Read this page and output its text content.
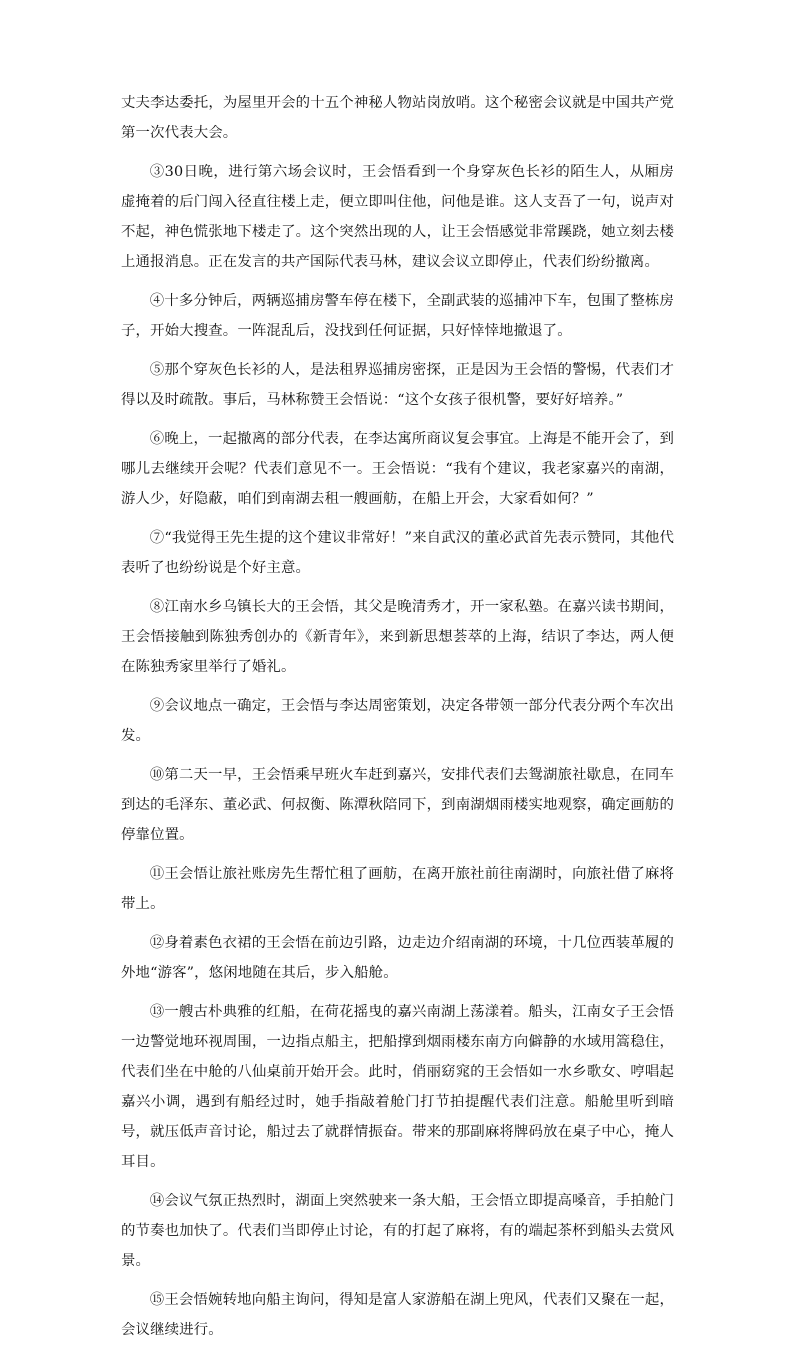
丈夫李达委托，为屋里开会的十五个神秘人物站岗放哨。这个秘密会议就是中国共产党第一次代表大会。

③30日晚，进行第六场会议时，王会悟看到一个身穿灰色长衫的陌生人，从厢房虚掩着的后门闯入径直往楼上走，便立即叫住他，问他是谁。这人支吾了一句，说声对不起，神色慌张地下楼走了。这个突然出现的人，让王会悟感觉非常蹊跷，她立刻去楼上通报消息。正在发言的共产国际代表马林，建议会议立即停止，代表们纷纷撤离。

④十多分钟后，两辆巡捕房警车停在楼下，全副武装的巡捕冲下车，包围了整栋房子，开始大搜查。一阵混乱后，没找到任何证据，只好悻悻地撤退了。

⑤那个穿灰色长衫的人，是法租界巡捕房密探，正是因为王会悟的警惕，代表们才得以及时疏散。事后，马林称赞王会悟说：“这个女孩子很机警，要好好培养。”

⑥晚上，一起撤离的部分代表，在李达寓所商议复会事宜。上海是不能开会了，到哪儿去继续开会呢？代表们意见不一。王会悟说：“我有个建议，我老家嘉兴的南湖，游人少，好隐蔽，咱们到南湖去租一艘画舫，在船上开会，大家看如何？”

⑦“我觉得王先生提的这个建议非常好！”来自武汉的董必武首先表示赞同，其他代表听了也纷纷说是个好主意。

⑧江南水乡乌镇长大的王会悟，其父是晚清秀才，开一家私塾。在嘉兴读书期间，王会悟接触到陈独秀创办的《新青年》，来到新思想荟萃的上海，结识了李达，两人便在陈独秀家里举行了婚礼。

⑨会议地点一确定，王会悟与李达周密策划，决定各带领一部分代表分两个车次出发。

⑩第二天一早，王会悟乘早班火车赶到嘉兴，安排代表们去鸳湖旅社歇息，在同车到达的毛泽东、董必武、何叔衡、陈潭秋陪同下，到南湖烟雨楼实地观察，确定画舫的停靠位置。

⑪王会悟让旅社账房先生帮忙租了画舫，在离开旅社前往南湖时，向旅社借了麻将带上。

⑫身着素色衣裙的王会悟在前边引路，边走边介绍南湖的环境，十几位西装革履的外地“游客”，悠闲地随在其后，步入船舱。

⑬一艘古朴典雅的红船，在荷花摇曳的嘉兴南湖上荡漾着。船头，江南女子王会悟一边警觉地环视周围，一边指点船主，把船撑到烟雨楼东南方向僻静的水域用篙稳住，代表们坐在中舱的八仙桌前开始开会。此时，俏丽窈窕的王会悟如一水乡歌女、哼唱起嘉兴小调，遇到有船经过时，她手指敲着舱门打节拍提醒代表们注意。船舱里听到暗号，就压低声音讨论，船过去了就群情振奋。带来的那副麻将牌码放在桌子中心，掩人耳目。

⑭会议气氛正热烈时，湖面上突然驶来一条大船，王会悟立即提高嗓音，手拍舱门的节奏也加快了。代表们当即停止讨论，有的打起了麻将，有的端起茶杯到船头去赏风景。

⑮王会悟婉转地向船主询问，得知是富人家游船在湖上兜风，代表们又聚在一起，会议继续进行。
